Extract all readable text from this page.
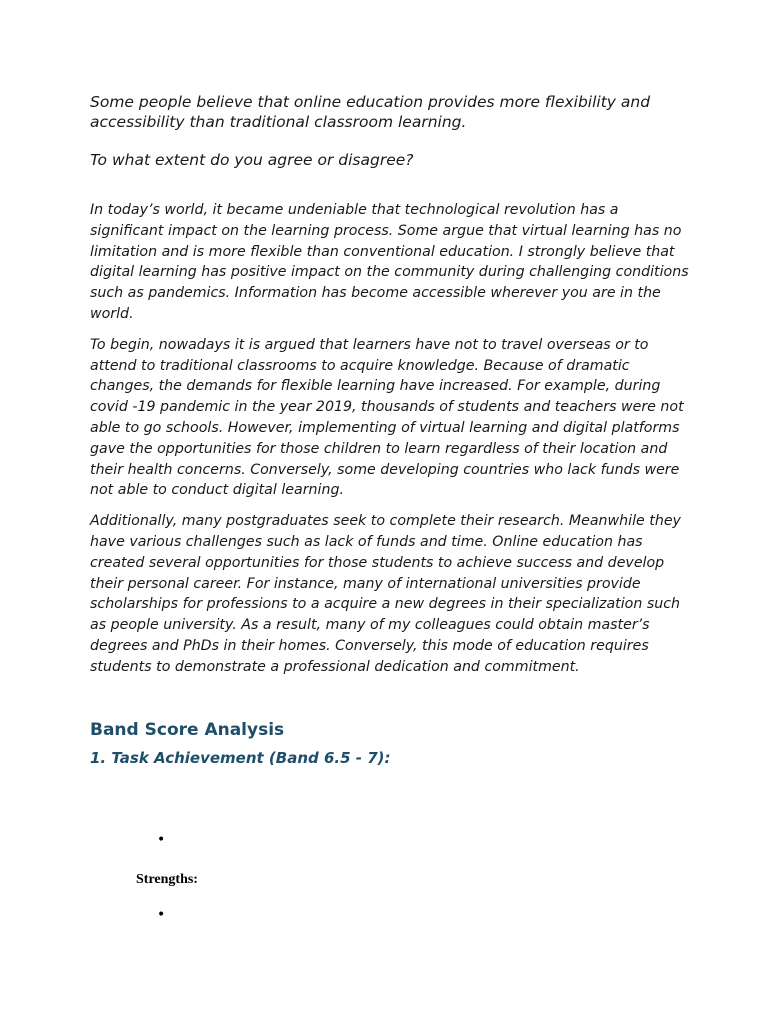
Some people believe that online education provides more flexibility and accessibility than traditional classroom learning.

To what extent do you agree or disagree?

In today’s world, it became undeniable that technological revolution has a significant impact on the learning process. Some argue that virtual learning has no limitation and is more flexible than conventional education. I strongly believe that digital learning has positive impact on the community during challenging conditions such as pandemics. Information has become accessible wherever you are in the world.

To begin, nowadays it is argued that learners have not to travel overseas or to attend to traditional classrooms to acquire knowledge. Because of dramatic changes, the demands for flexible learning have increased. For example, during covid -19 pandemic in the year 2019, thousands of students and teachers were not able to go schools. However, implementing of virtual learning and digital platforms gave the opportunities for those children to learn regardless of their location and their health concerns. Conversely, some developing countries who lack funds were not able to conduct digital learning.

Additionally, many postgraduates seek to complete their research. Meanwhile they have various challenges such as lack of funds and time. Online education has created several opportunities for those students to achieve success and develop their personal career. For instance, many of international universities provide scholarships for professions to a acquire a new degrees in their specialization such as people university. As a result, many of my colleagues could obtain master’s degrees and PhDs in their homes. Conversely, this mode of education requires students to demonstrate a professional dedication and commitment.

Band Score Analysis
1. Task Achievement (Band 6.5 - 7):
•
Strengths:
•
